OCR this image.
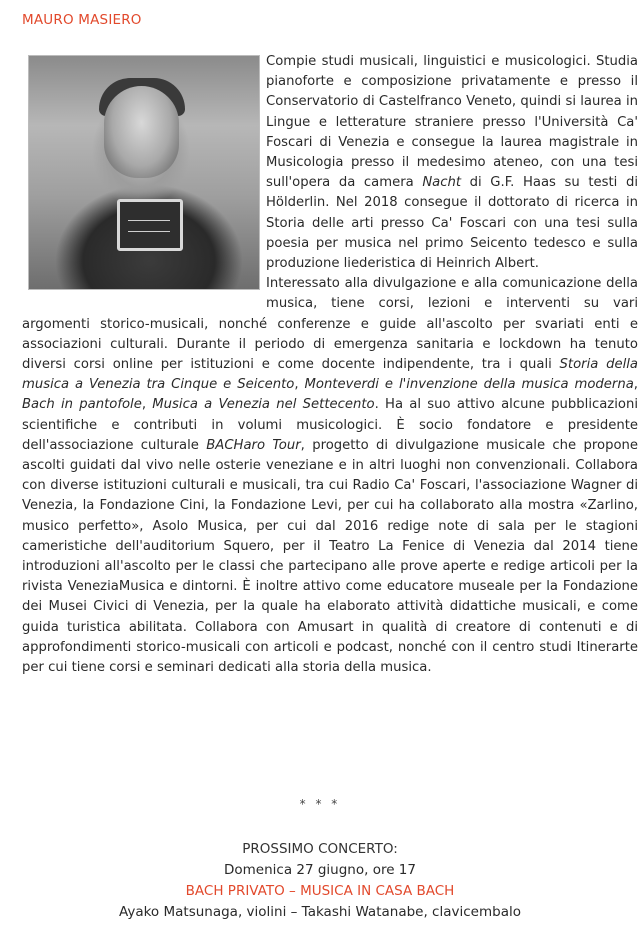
MAURO MASIERO

Compie studi musicali, linguistici e musicologici. Studia pianoforte e composizione privatamente e presso il Conservatorio di Castelfranco Veneto, quindi si laurea in Lingue e letterature straniere presso l'Università Ca' Foscari di Venezia e consegue la laurea magistrale in Musicologia presso il medesimo ateneo, con una tesi sull'opera da camera Nacht di G.F. Haas su testi di Hölderlin. Nel 2018 consegue il dottorato di ricerca in Storia delle arti presso Ca' Foscari con una tesi sulla poesia per musica nel primo Seicento tedesco e sulla produzione liederistica di Heinrich Albert.

Interessato alla divulgazione e alla comunicazione della musica, tiene corsi, lezioni e interventi su vari argomenti storico-musicali, nonché conferenze e guide all'ascolto per svariati enti e associazioni culturali. Durante il periodo di emergenza sanitaria e lockdown ha tenuto diversi corsi online per istituzioni e come docente indipendente, tra i quali Storia della musica a Venezia tra Cinque e Seicento, Monteverdi e l'invenzione della musica moderna, Bach in pantofole, Musica a Venezia nel Settecento. Ha al suo attivo alcune pubblicazioni scientifiche e contributi in volumi musicologici. È socio fondatore e presidente dell'associazione culturale BACHaro Tour, progetto di divulgazione musicale che propone ascolti guidati dal vivo nelle osterie veneziane e in altri luoghi non convenzionali. Collabora con diverse istituzioni culturali e musicali, tra cui Radio Ca' Foscari, l'associazione Wagner di Venezia, la Fondazione Cini, la Fondazione Levi, per cui ha collaborato alla mostra «Zarlino, musico perfetto», Asolo Musica, per cui dal 2016 redige note di sala per le stagioni cameristiche dell'auditorium Squero, per il Teatro La Fenice di Venezia dal 2014 tiene introduzioni all'ascolto per le classi che partecipano alle prove aperte e redige articoli per la rivista VeneziaMusica e dintorni. È inoltre attivo come educatore museale per la Fondazione dei Musei Civici di Venezia, per la quale ha elaborato attività didattiche musicali, e come guida turistica abilitata. Collabora con Amusart in qualità di creatore di contenuti e di approfondimenti storico-musicali con articoli e podcast, nonché con il centro studi Itinerarte per cui tiene corsi e seminari dedicati alla storia della musica.

* * *
PROSSIMO CONCERTO:
Domenica 27 giugno, ore 17
BACH PRIVATO – MUSICA IN CASA BACH
Ayako Matsunaga, violini – Takashi Watanabe, clavicembalo
